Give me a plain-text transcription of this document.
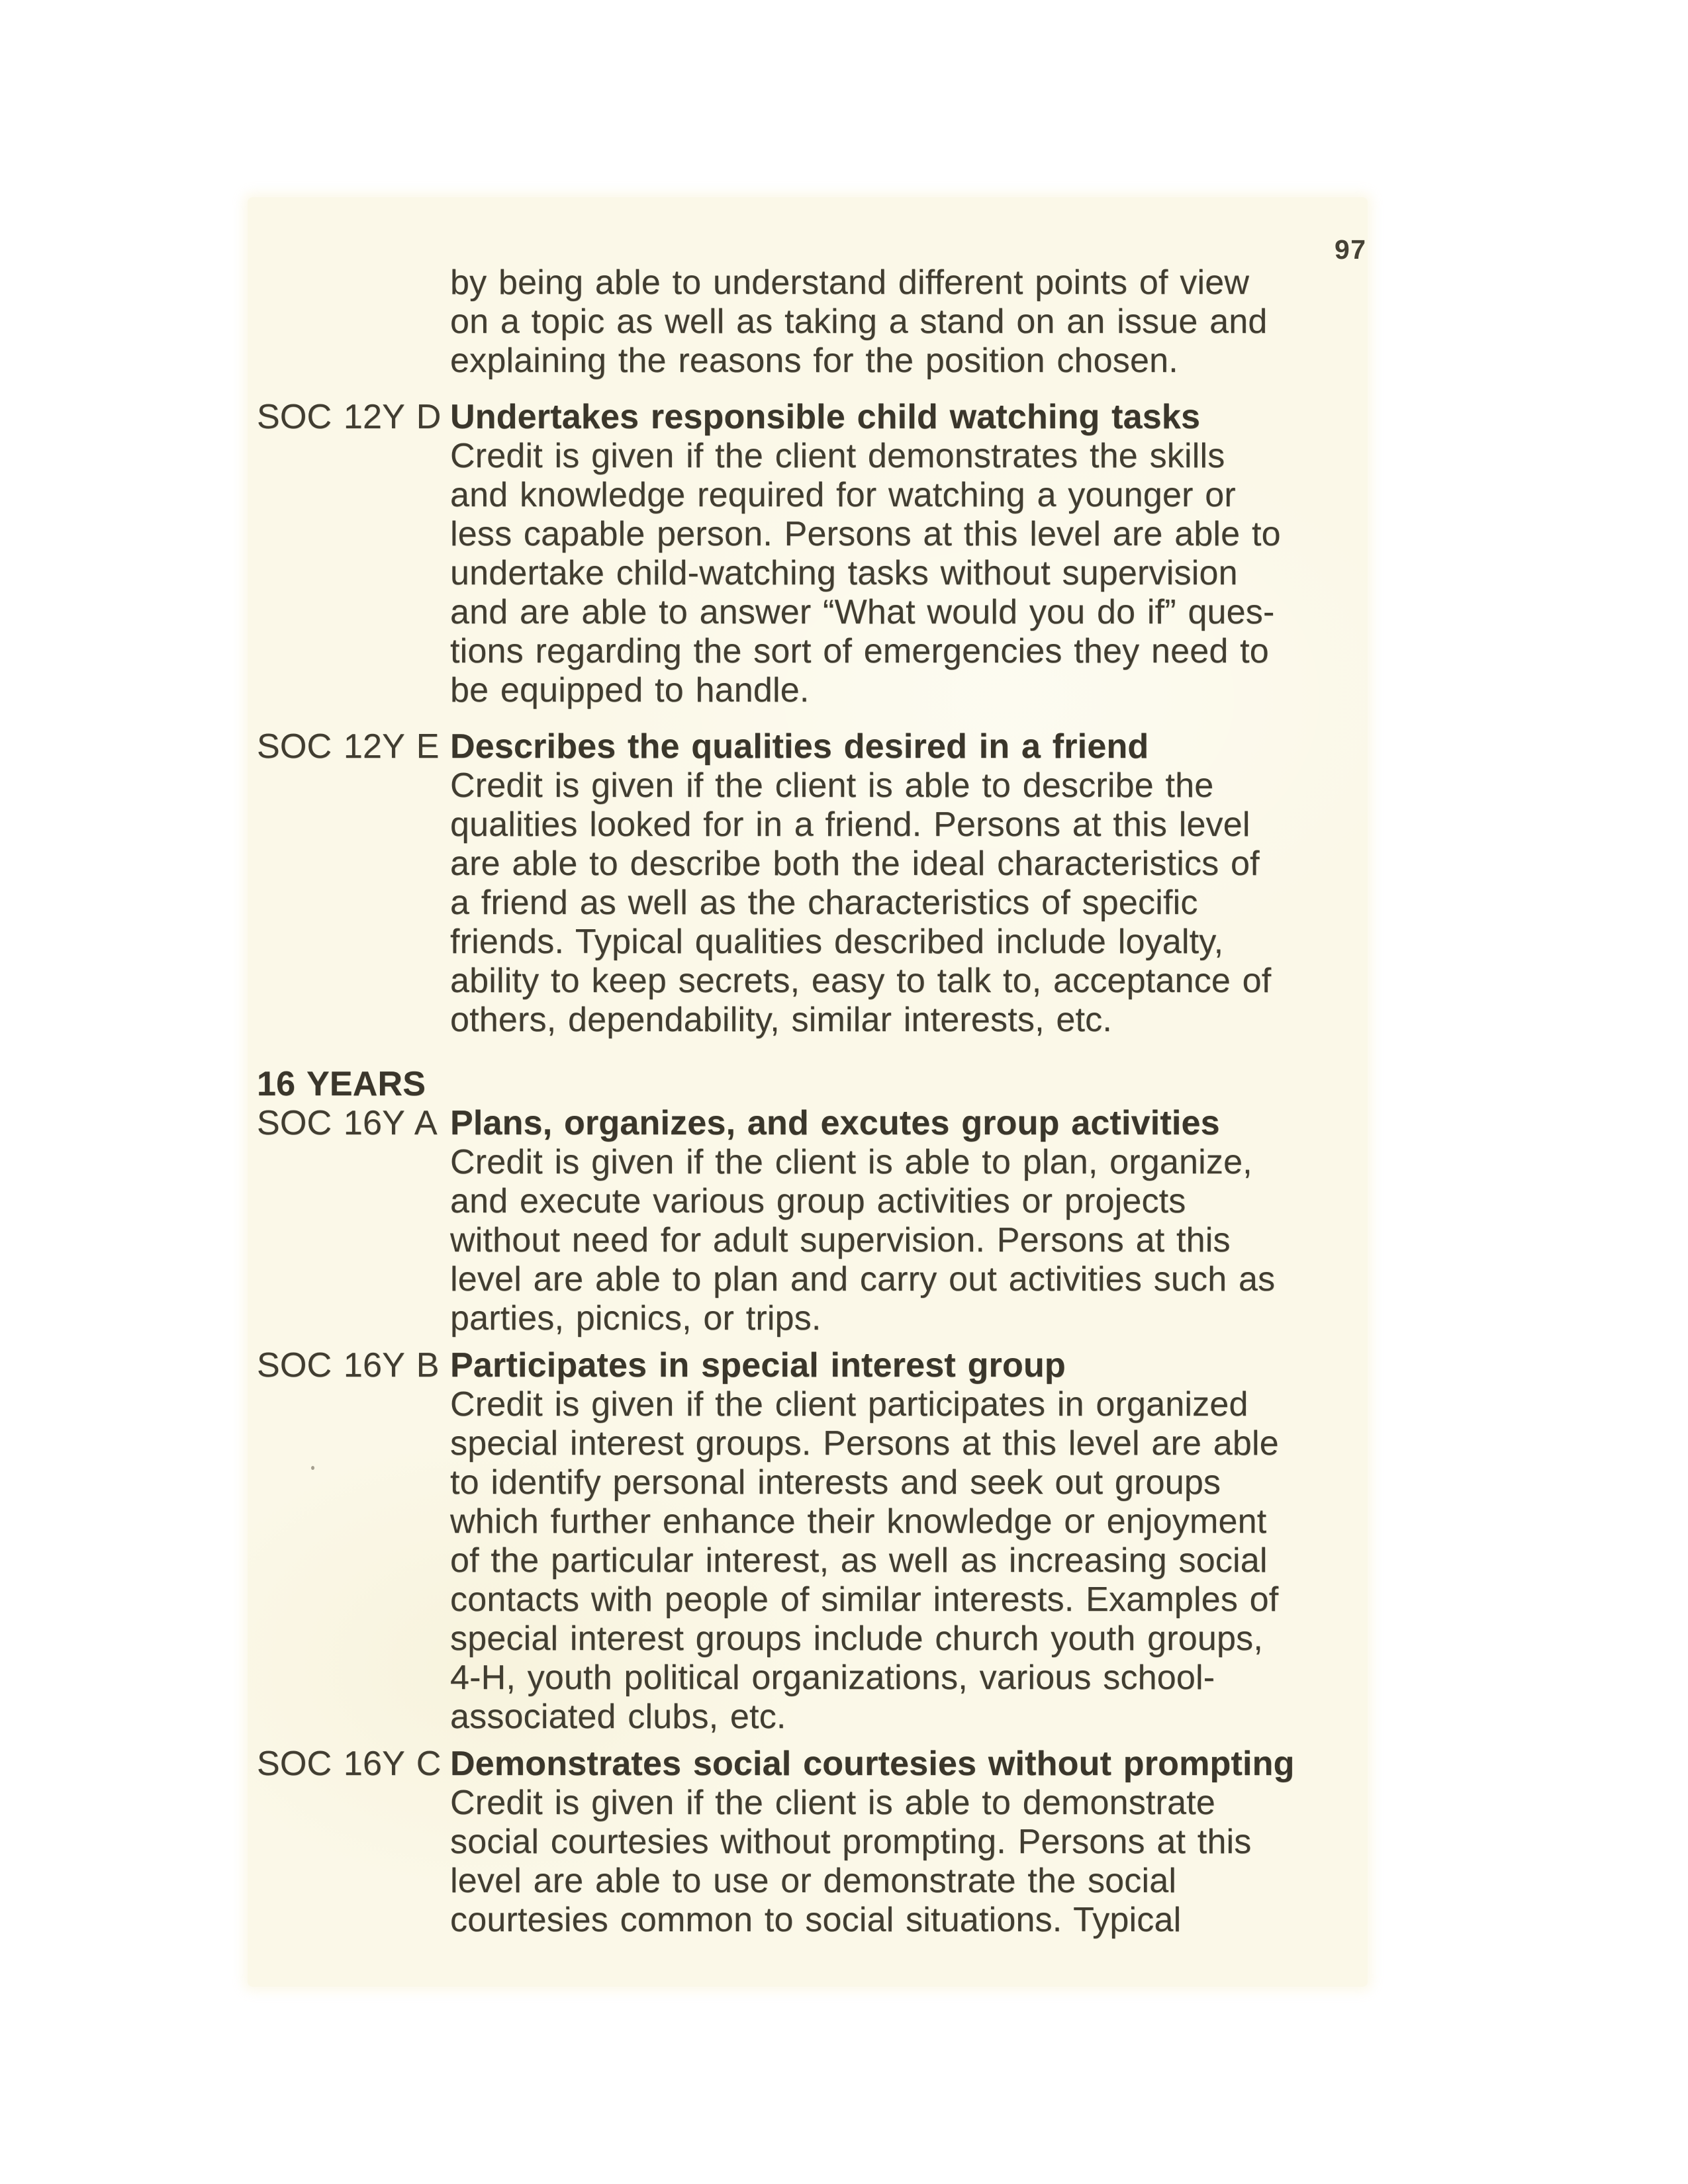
97
by being able to understand different points of view
on a topic as well as taking a stand on an issue and
explaining the reasons for the position chosen.
SOC 12Y D Undertakes responsible child watching tasks
Credit is given if the client demonstrates the skills
and knowledge required for watching a younger or
less capable person. Persons at this level are able to
undertake child-watching tasks without supervision
and are able to answer “What would you do if” ques-
tions regarding the sort of emergencies they need to
be equipped to handle.
SOC 12Y E Describes the qualities desired in a friend
Credit is given if the client is able to describe the
qualities looked for in a friend. Persons at this level
are able to describe both the ideal characteristics of
a friend as well as the characteristics of specific
friends. Typical qualities described include loyalty,
ability to keep secrets, easy to talk to, acceptance of
others, dependability, similar interests, etc.
16 YEARS
SOC 16Y A Plans, organizes, and excutes group activities
Credit is given if the client is able to plan, organize,
and execute various group activities or projects
without need for adult supervision. Persons at this
level are able to plan and carry out activities such as
parties, picnics, or trips.
SOC 16Y B Participates in special interest group
Credit is given if the client participates in organized
special interest groups. Persons at this level are able
to identify personal interests and seek out groups
which further enhance their knowledge or enjoyment
of the particular interest, as well as increasing social
contacts with people of similar interests. Examples of
special interest groups include church youth groups,
4-H, youth political organizations, various school-
associated clubs, etc.
SOC 16Y C Demonstrates social courtesies without prompting
Credit is given if the client is able to demonstrate
social courtesies without prompting. Persons at this
level are able to use or demonstrate the social
courtesies common to social situations. Typical
